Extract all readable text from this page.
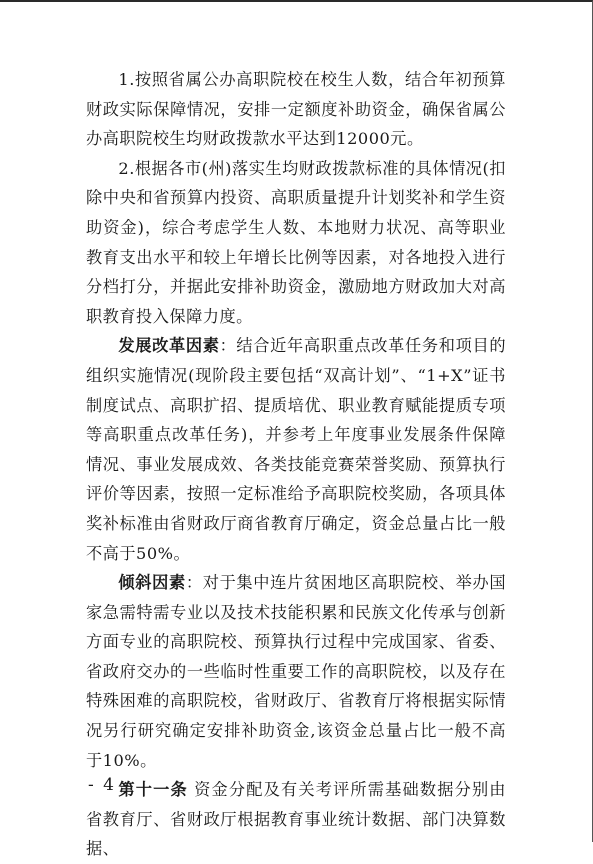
1.按照省属公办高职院校在校生人数，结合年初预算财政实际保障情况，安排一定额度补助资金，确保省属公办高职院校生均财政拨款水平达到12000元。

2.根据各市(州)落实生均财政拨款标准的具体情况(扣除中央和省预算内投资、高职质量提升计划奖补和学生资助资金)，综合考虑学生人数、本地财力状况、高等职业教育支出水平和较上年增长比例等因素，对各地投入进行分档打分，并据此安排补助资金，激励地方财政加大对高职教育投入保障力度。

发展改革因素：结合近年高职重点改革任务和项目的组织实施情况(现阶段主要包括“双高计划”、“1+X”证书制度试点、高职扩招、提质培优、职业教育赋能提质专项等高职重点改革任务)，并参考上年度事业发展条件保障情况、事业发展成效、各类技能竞赛荣誉奖励、预算执行评价等因素，按照一定标准给予高职院校奖励，各项具体奖补标准由省财政厅商省教育厅确定，资金总量占比一般不高于50%。

倾斜因素：对于集中连片贫困地区高职院校、举办国家急需特需专业以及技术技能积累和民族文化传承与创新方面专业的高职院校、预算执行过程中完成国家、省委、省政府交办的一些临时性重要工作的高职院校，以及存在特殊困难的高职院校，省财政厅、省教育厅将根据实际情况另行研究确定安排补助资金,该资金总量占比一般不高于10%。

第十一条 资金分配及有关考评所需基础数据分别由省教育厅、省财政厅根据教育事业统计数据、部门决算数据、

- 4 -
